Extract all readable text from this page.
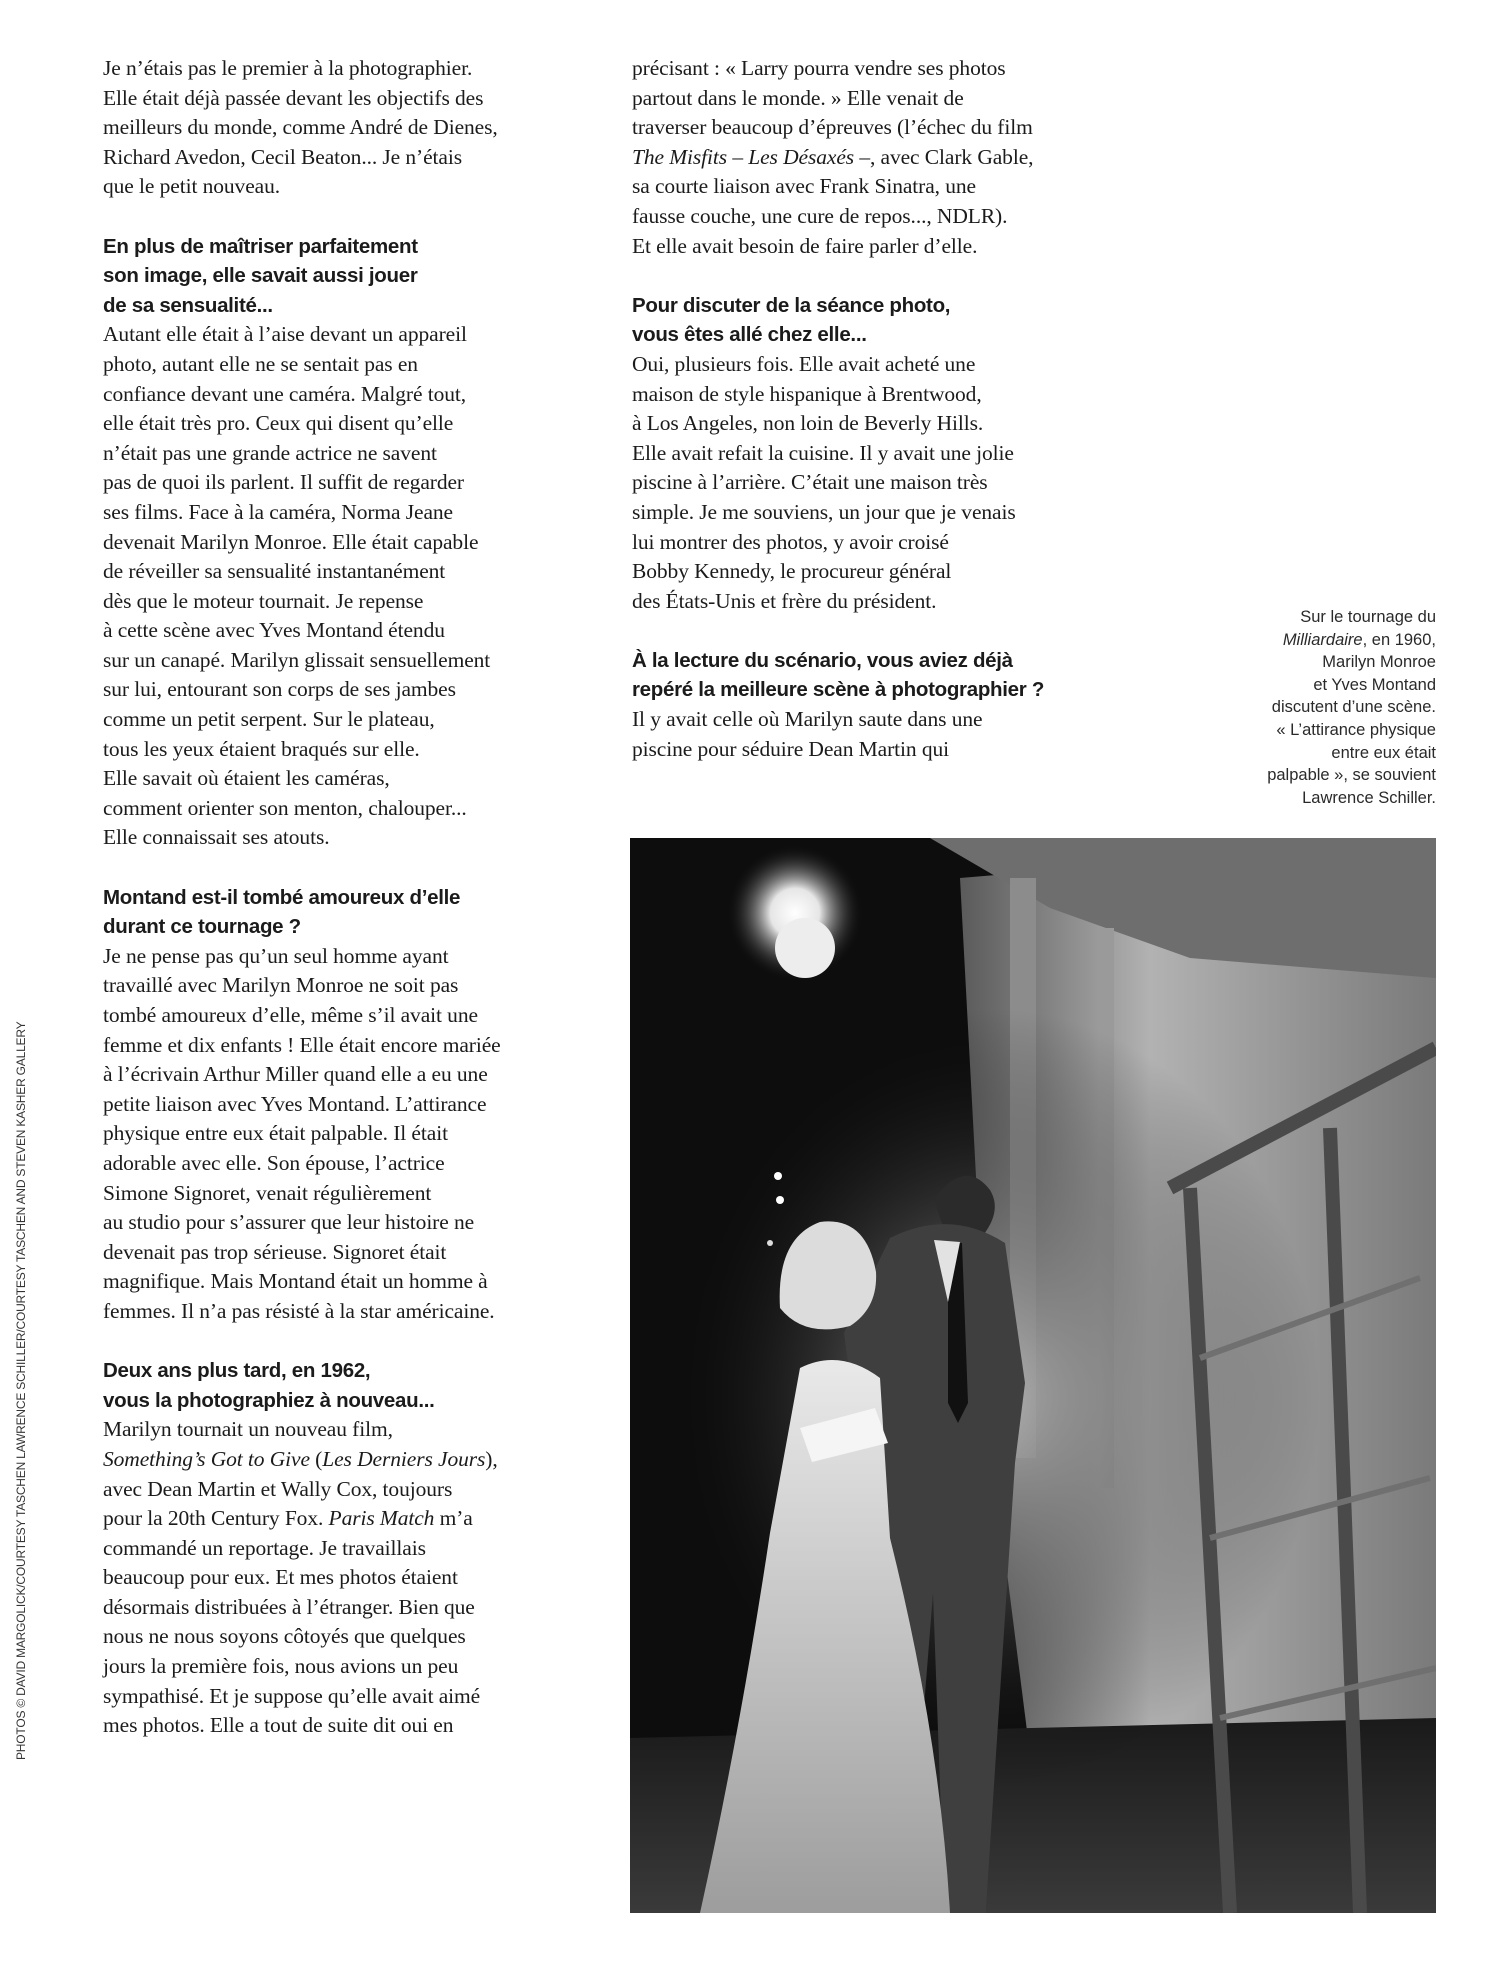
Je n’étais pas le premier à la photographier.
Elle était déjà passée devant les objectifs des
meilleurs du monde, comme André de Dienes,
Richard Avedon, Cecil Beaton... Je n’étais
que le petit nouveau.
En plus de maîtriser parfaitement
son image, elle savait aussi jouer
de sa sensualité...
Autant elle était à l’aise devant un appareil
photo, autant elle ne se sentait pas en
confiance devant une caméra. Malgré tout,
elle était très pro. Ceux qui disent qu’elle
n’était pas une grande actrice ne savent
pas de quoi ils parlent. Il suffit de regarder
ses films. Face à la caméra, Norma Jeane
devenait Marilyn Monroe. Elle était capable
de réveiller sa sensualité instantanément
dès que le moteur tournait. Je repense
à cette scène avec Yves Montand étendu
sur un canapé. Marilyn glissait sensuellement
sur lui, entourant son corps de ses jambes
comme un petit serpent. Sur le plateau,
tous les yeux étaient braqués sur elle.
Elle savait où étaient les caméras,
comment orienter son menton, chalouper...
Elle connaissait ses atouts.
Montand est-il tombé amoureux d’elle
durant ce tournage ?
Je ne pense pas qu’un seul homme ayant
travaillé avec Marilyn Monroe ne soit pas
tombé amoureux d’elle, même s’il avait une
femme et dix enfants ! Elle était encore mariée
à l’écrivain Arthur Miller quand elle a eu une
petite liaison avec Yves Montand. L’attirance
physique entre eux était palpable. Il était
adorable avec elle. Son épouse, l’actrice
Simone Signoret, venait régulièrement
au studio pour s’assurer que leur histoire ne
devenait pas trop sérieuse. Signoret était
magnifique. Mais Montand était un homme à
femmes. Il n’a pas résisté à la star américaine.
Deux ans plus tard, en 1962,
vous la photographiez à nouveau...
Marilyn tournait un nouveau film,
Something’s Got to Give (Les Derniers Jours),
avec Dean Martin et Wally Cox, toujours
pour la 20th Century Fox. Paris Match m’a
commandé un reportage. Je travaillais
beaucoup pour eux. Et mes photos étaient
désormais distribuées à l’étranger. Bien que
nous ne nous soyons côtoyés que quelques
jours la première fois, nous avions un peu
sympathisé. Et je suppose qu’elle avait aimé
mes photos. Elle a tout de suite dit oui en
précisant : « Larry pourra vendre ses photos
partout dans le monde. » Elle venait de
traverser beaucoup d’épreuves (l’échec du film
The Misfits – Les Désaxés –, avec Clark Gable,
sa courte liaison avec Frank Sinatra, une
fausse couche, une cure de repos..., NDLR).
Et elle avait besoin de faire parler d’elle.
Pour discuter de la séance photo,
vous êtes allé chez elle...
Oui, plusieurs fois. Elle avait acheté une
maison de style hispanique à Brentwood,
à Los Angeles, non loin de Beverly Hills.
Elle avait refait la cuisine. Il y avait une jolie
piscine à l’arrière. C’était une maison très
simple. Je me souviens, un jour que je venais
lui montrer des photos, y avoir croisé
Bobby Kennedy, le procureur général
des États-Unis et frère du président.
À la lecture du scénario, vous aviez déjà
repéré la meilleure scène à photographier ?
Il y avait celle où Marilyn saute dans une
piscine pour séduire Dean Martin qui
Sur le tournage du
Milliardaire, en 1960,
Marilyn Monroe
et Yves Montand
discutent d’une scène.
« L’attirance physique
entre eux était
palpable », se souvient
Lawrence Schiller.
PHOTOS © DAVID MARGOLICK/COURTESY TASCHEN LAWRENCE SCHILLER/COURTESY TASCHEN AND STEVEN KASHER GALLERY
